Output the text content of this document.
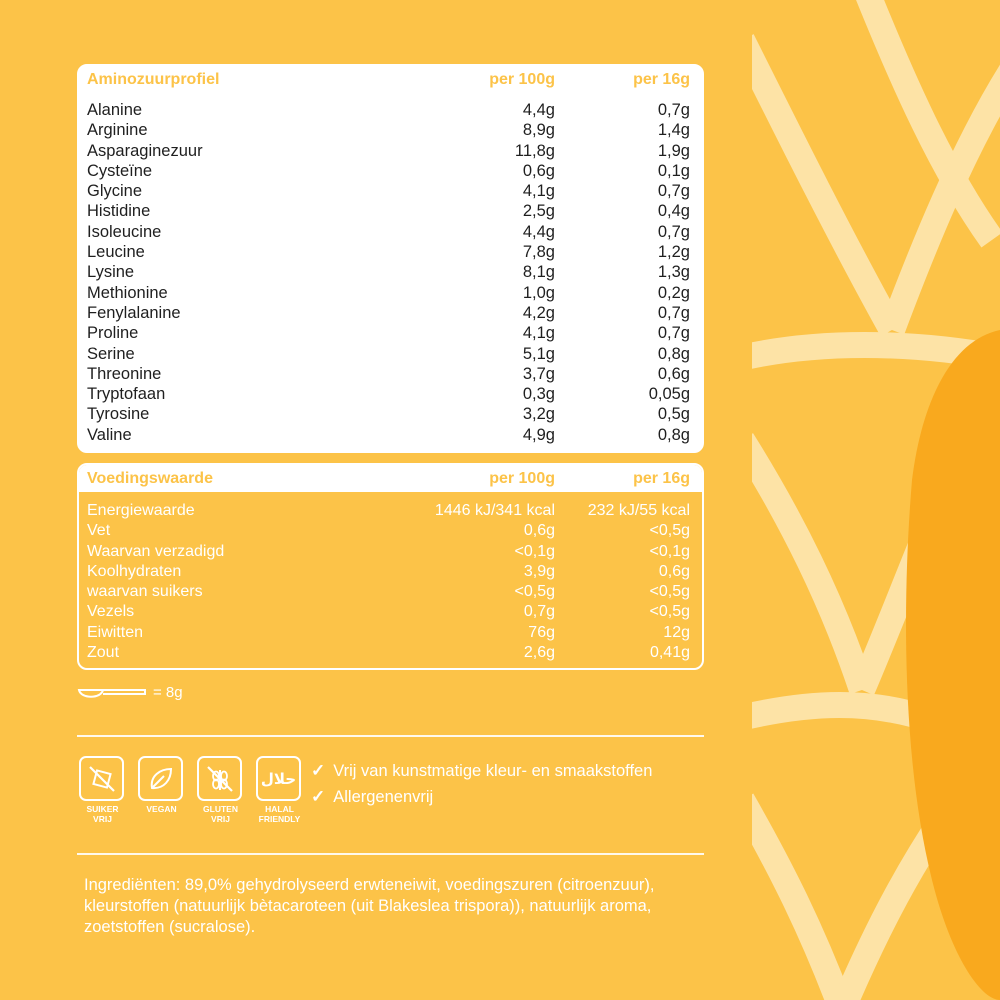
Aminozuurprofiel	per 100g	per 16g
Alanine	4,4g	0,7g
Arginine	8,9g	1,4g
Asparaginezuur	11,8g	1,9g
Cysteïne	0,6g	0,1g
Glycine	4,1g	0,7g
Histidine	2,5g	0,4g
Isoleucine	4,4g	0,7g
Leucine	7,8g	1,2g
Lysine	8,1g	1,3g
Methionine	1,0g	0,2g
Fenylalanine	4,2g	0,7g
Proline	4,1g	0,7g
Serine	5,1g	0,8g
Threonine	3,7g	0,6g
Tryptofaan	0,3g	0,05g
Tyrosine	3,2g	0,5g
Valine	4,9g	0,8g
Voedingswaarde	per 100g	per 16g
Energiewaarde	1446 kJ/341 kcal	232 kJ/55 kcal
Vet	0,6g	<0,5g
Waarvan verzadigd	<0,1g	<0,1g
Koolhydraten	3,9g	0,6g
waarvan suikers	<0,5g	<0,5g
Vezels	0,7g	<0,5g
Eiwitten	76g	12g
Zout	2,6g	0,41g
= 8g
SUIKER
VRIJ
VEGAN	GLUTEN
VRIJ
حلال
HALAL
FRIENDLY
✓ Vrij van kunstmatige kleur- en smaakstoffen
✓ Allergenenvrij
Ingrediënten: 89,0% gehydrolyseerd erwteneiwit, voedingszuren (citroenzuur), kleurstoffen (natuurlijk bètacaroteen (uit Blakeslea trispora)), natuurlijk aroma, zoetstoffen (sucralose).
